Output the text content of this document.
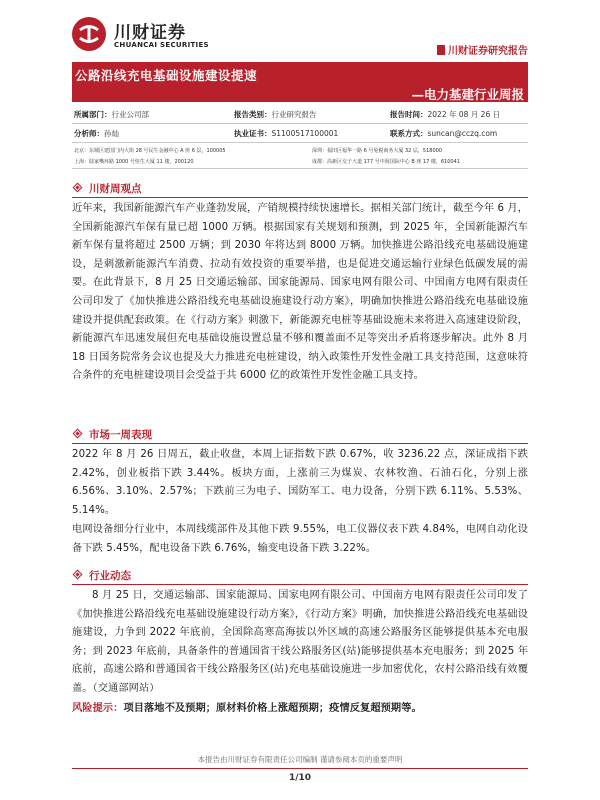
川财证券
CHUANCAI SECURITIES
川财证券研究报告
公路沿线充电基础设施建设提速
—电力基建行业周报
所属部门：行业公司部	报告类别：行业研究报告	报告时间：2022 年 08 月 26 日
分析师：孙灿	执业证书：S1100517100001	联系方式：suncan@cczq.com
北京：东城区建国门内大街 28 号民生金融中心 A 座 6 层，100005	深圳：福田区福华一路 6 号免税商务大厦 32 层，518000
上海：陆家嘴环路 1000 号恒生大厦 11 楼，200120	成都：高新区交子大道 177 号中海国际中心 B 座 17 楼，610041
川财周观点
近年来，我国新能源汽车产业蓬勃发展，产销规模持续快速增长。据相关部门统计，截至今年 6 月，全国新能源汽车保有量已超 1000 万辆。根据国家有关规划和预测，到 2025 年，全国新能源汽车新车保有量将超过 2500 万辆；到 2030 年将达到 8000 万辆。加快推进公路沿线充电基础设施建设，是刺激新能源汽车消费、拉动有效投资的重要举措，也是促进交通运输行业绿色低碳发展的需要。在此背景下，8 月 25 日交通运输部、国家能源局、国家电网有限公司、中国南方电网有限责任公司印发了《加快推进公路沿线充电基础设施建设行动方案》，明确加快推进公路沿线充电基础设施建设并提供配套政策。在《行动方案》刺激下，新能源充电桩等基础设施未来将进入高速建设阶段，新能源汽车迅速发展但充电基础设施设置总量不够和覆盖面不足等突出矛盾将逐步解决。此外 8 月 18 日国务院常务会议也提及大力推进充电桩建设，纳入政策性开发性金融工具支持范围，这意味符合条件的充电桩建设项目会受益于共 6000 亿的政策性开发性金融工具支持。
市场一周表现
2022 年 8 月 26 日周五，截止收盘，本周上证指数下跌 0.67%，收 3236.22 点，深证成指下跌 2.42%，创业板指下跌 3.44%。板块方面，上涨前三为煤炭、农林牧渔、石油石化，分别上涨 6.56%、3.10%、2.57%；下跌前三为电子、国防军工、电力设备，分别下跌 6.11%、5.53%、5.14%。
电网设备细分行业中，本周线缆部件及其他下跌 9.55%，电工仪器仪表下跌 4.84%，电网自动化设备下跌 5.45%，配电设备下跌 6.76%，输变电设备下跌 3.22%。
行业动态
8 月 25 日，交通运输部、国家能源局、国家电网有限公司、中国南方电网有限责任公司印发了《加快推进公路沿线充电基础设施建设行动方案》，《行动方案》明确，加快推进公路沿线充电基础设施建设，力争到 2022 年底前，全国除高寒高海拔以外区域的高速公路服务区能够提供基本充电服务；到 2023 年底前，具备条件的普通国省干线公路服务区(站)能够提供基本充电服务；到 2025 年底前，高速公路和普通国省干线公路服务区(站)充电基础设施进一步加密优化，农村公路沿线有效覆盖。（交通部网站）
风险提示：项目落地不及预期；原材料价格上涨超预期；疫情反复超预期等。
本报告由川财证券有限责任公司编制 谨请参阅本页的重要声明
1/10
